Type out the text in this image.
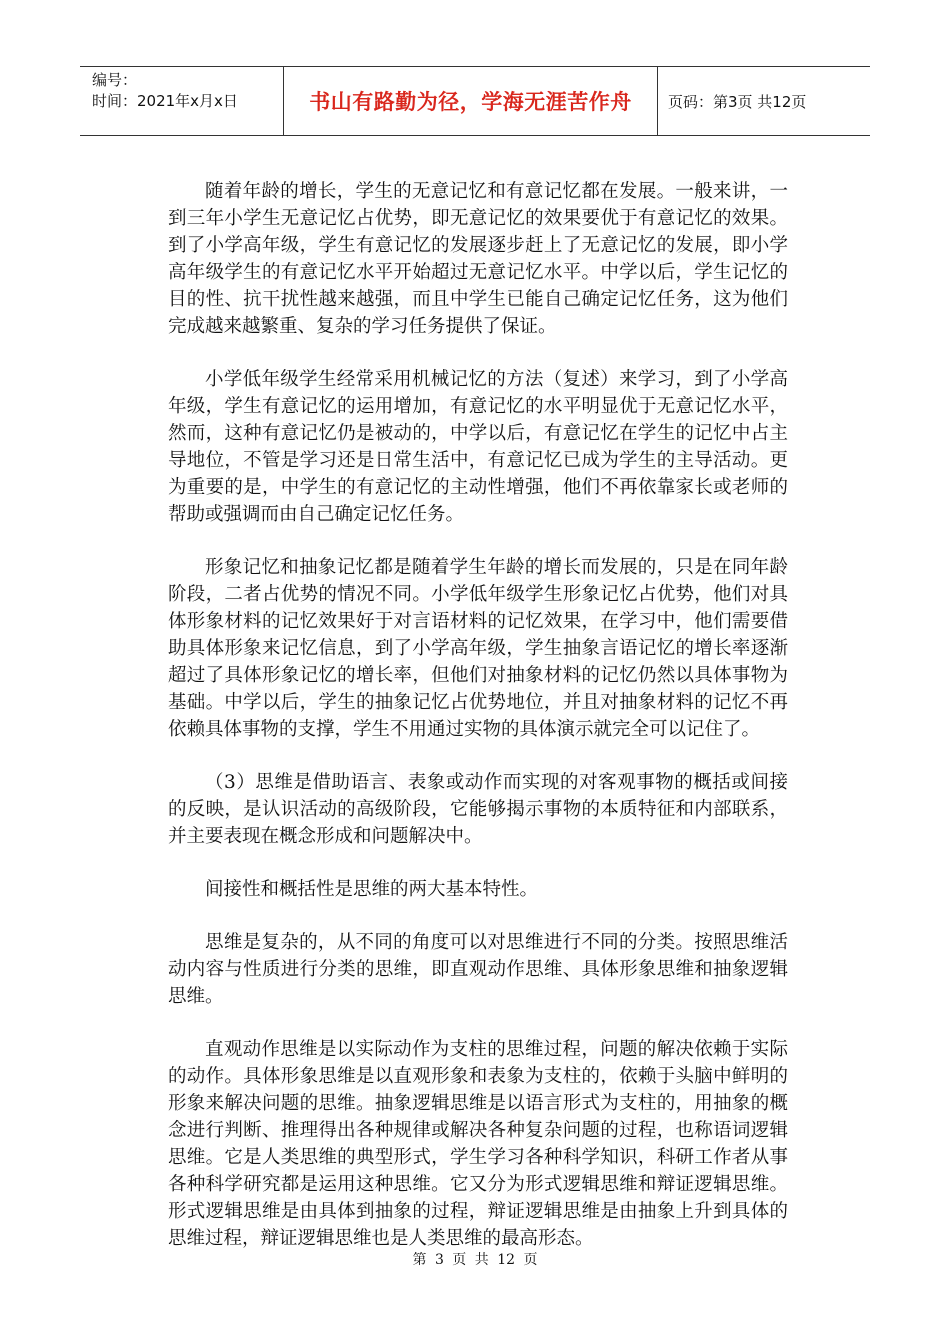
编号：
时间：2021年x月x日	书山有路勤为径，学海无涯苦作舟	页码：第3页 共12页

随着年龄的增长，学生的无意记忆和有意记忆都在发展。一般来讲，一到三年小学生无意记忆占优势，即无意记忆的效果要优于有意记忆的效果。到了小学高年级，学生有意记忆的发展逐步赶上了无意记忆的发展，即小学高年级学生的有意记忆水平开始超过无意记忆水平。中学以后，学生记忆的目的性、抗干扰性越来越强，而且中学生已能自己确定记忆任务，这为他们完成越来越繁重、复杂的学习任务提供了保证。

小学低年级学生经常采用机械记忆的方法（复述）来学习，到了小学高年级，学生有意记忆的运用增加，有意记忆的水平明显优于无意记忆水平，然而，这种有意记忆仍是被动的，中学以后，有意记忆在学生的记忆中占主导地位，不管是学习还是日常生活中，有意记忆已成为学生的主导活动。更为重要的是，中学生的有意记忆的主动性增强，他们不再依靠家长或老师的帮助或强调而由自己确定记忆任务。

形象记忆和抽象记忆都是随着学生年龄的增长而发展的，只是在同年龄阶段，二者占优势的情况不同。小学低年级学生形象记忆占优势，他们对具体形象材料的记忆效果好于对言语材料的记忆效果，在学习中，他们需要借助具体形象来记忆信息，到了小学高年级，学生抽象言语记忆的增长率逐渐超过了具体形象记忆的增长率，但他们对抽象材料的记忆仍然以具体事物为基础。中学以后，学生的抽象记忆占优势地位，并且对抽象材料的记忆不再依赖具体事物的支撑，学生不用通过实物的具体演示就完全可以记住了。

（3）思维是借助语言、表象或动作而实现的对客观事物的概括或间接的反映，是认识活动的高级阶段，它能够揭示事物的本质特征和内部联系，并主要表现在概念形成和问题解决中。

间接性和概括性是思维的两大基本特性。

思维是复杂的，从不同的角度可以对思维进行不同的分类。按照思维活动内容与性质进行分类的思维，即直观动作思维、具体形象思维和抽象逻辑思维。

直观动作思维是以实际动作为支柱的思维过程，问题的解决依赖于实际的动作。具体形象思维是以直观形象和表象为支柱的，依赖于头脑中鲜明的形象来解决问题的思维。抽象逻辑思维是以语言形式为支柱的，用抽象的概念进行判断、推理得出各种规律或解决各种复杂问题的过程，也称语词逻辑思维。它是人类思维的典型形式，学生学习各种科学知识，科研工作者从事各种科学研究都是运用这种思维。它又分为形式逻辑思维和辩证逻辑思维。形式逻辑思维是由具体到抽象的过程，辩证逻辑思维是由抽象上升到具体的思维过程，辩证逻辑思维也是人类思维的最高形态。

第 3 页 共 12 页
